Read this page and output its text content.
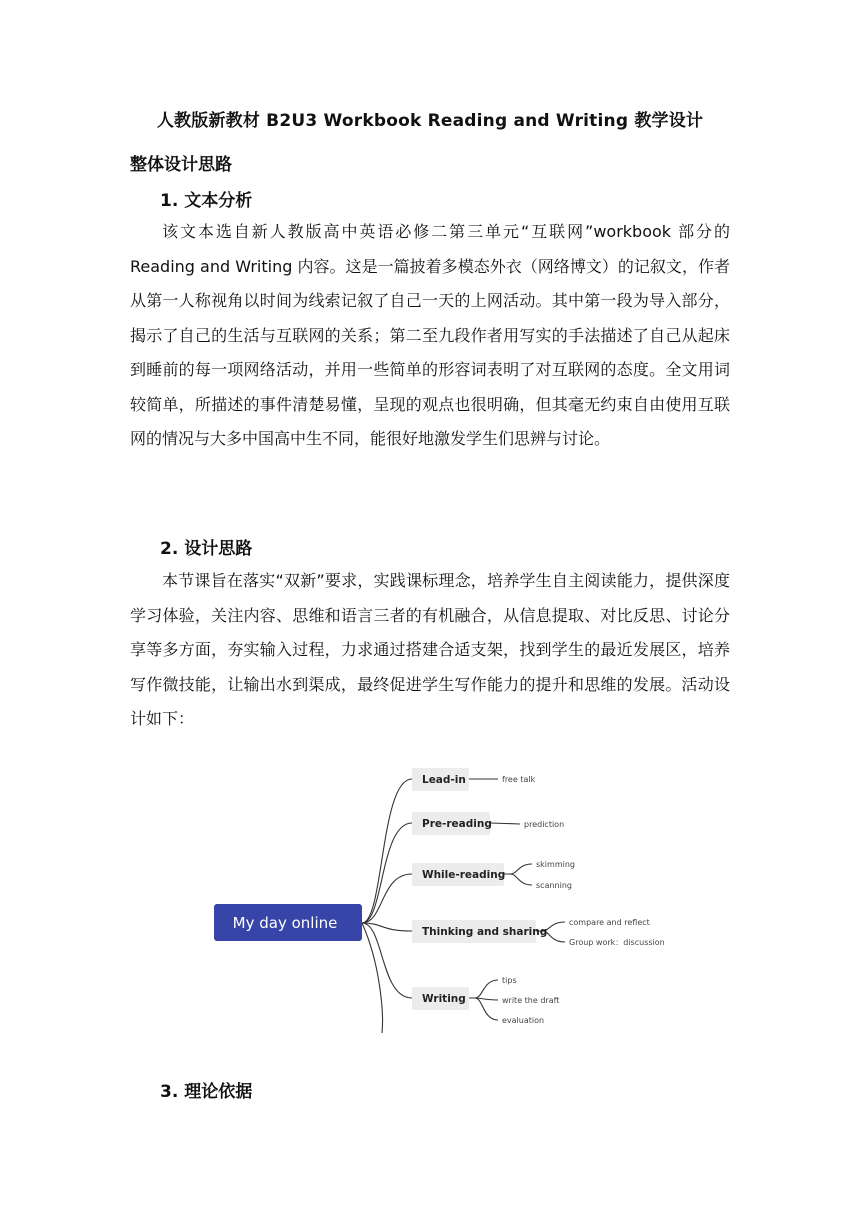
人教版新教材 B2U3 Workbook Reading and Writing 教学设计
整体设计思路
1. 文本分析

该文本选自新人教版高中英语必修二第三单元“互联网”workbook 部分的 Reading and Writing 内容。这是一篇披着多模态外衣（网络博文）的记叙文，作者从第一人称视角以时间为线索记叙了自己一天的上网活动。其中第一段为导入部分，揭示了自己的生活与互联网的关系；第二至九段作者用写实的手法描述了自己从起床到睡前的每一项网络活动，并用一些简单的形容词表明了对互联网的态度。全文用词较简单，所描述的事件清楚易懂，呈现的观点也很明确，但其毫无约束自由使用互联网的情况与大多中国高中生不同，能很好地激发学生们思辨与讨论。

2. 设计思路

本节课旨在落实“双新”要求，实践课标理念，培养学生自主阅读能力，提供深度学习体验，关注内容、思维和语言三者的有机融合，从信息提取、对比反思、讨论分享等多方面，夯实输入过程，力求通过搭建合适支架，找到学生的最近发展区，培养写作微技能，让输出水到渠成，最终促进学生写作能力的提升和思维的发展。活动设计如下：

My day online
Lead-in	free talk
Pre-reading	prediction
While-reading
skimming
scanning
Thinking and sharing
compare and reflect
Group work：discussion
Writing
tips
write the draft
evaluation
3. 理论依据
